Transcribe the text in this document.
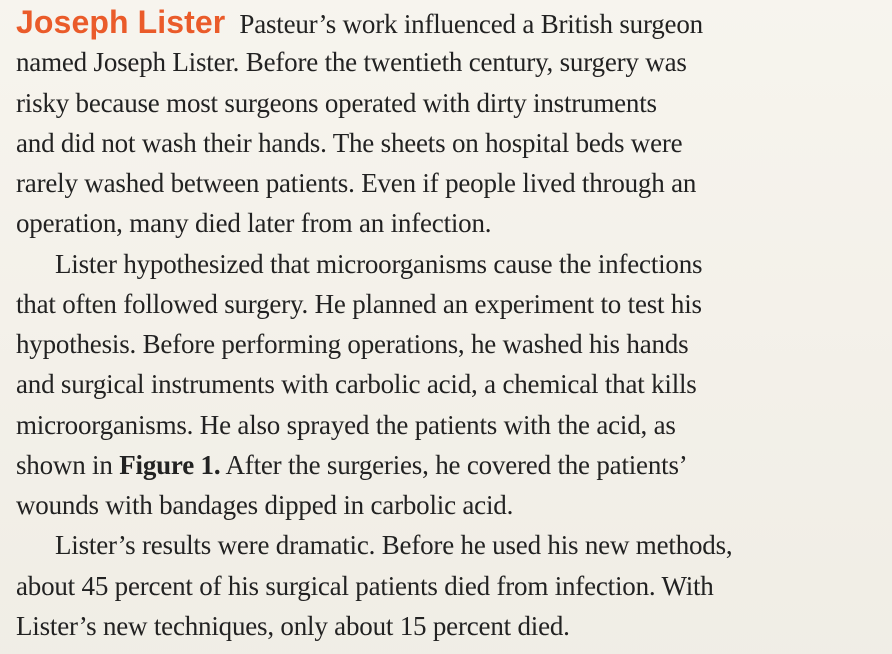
Joseph Lister Pasteur’s work influenced a British surgeon
named Joseph Lister. Before the twentieth century, surgery was
risky because most surgeons operated with dirty instruments
and did not wash their hands. The sheets on hospital beds were
rarely washed between patients. Even if people lived through an
operation, many died later from an infection.
Lister hypothesized that microorganisms cause the infections
that often followed surgery. He planned an experiment to test his
hypothesis. Before performing operations, he washed his hands
and surgical instruments with carbolic acid, a chemical that kills
microorganisms. He also sprayed the patients with the acid, as
shown in Figure 1. After the surgeries, he covered the patients’
wounds with bandages dipped in carbolic acid.
Lister’s results were dramatic. Before he used his new methods,
about 45 percent of his surgical patients died from infection. With
Lister’s new techniques, only about 15 percent died.
